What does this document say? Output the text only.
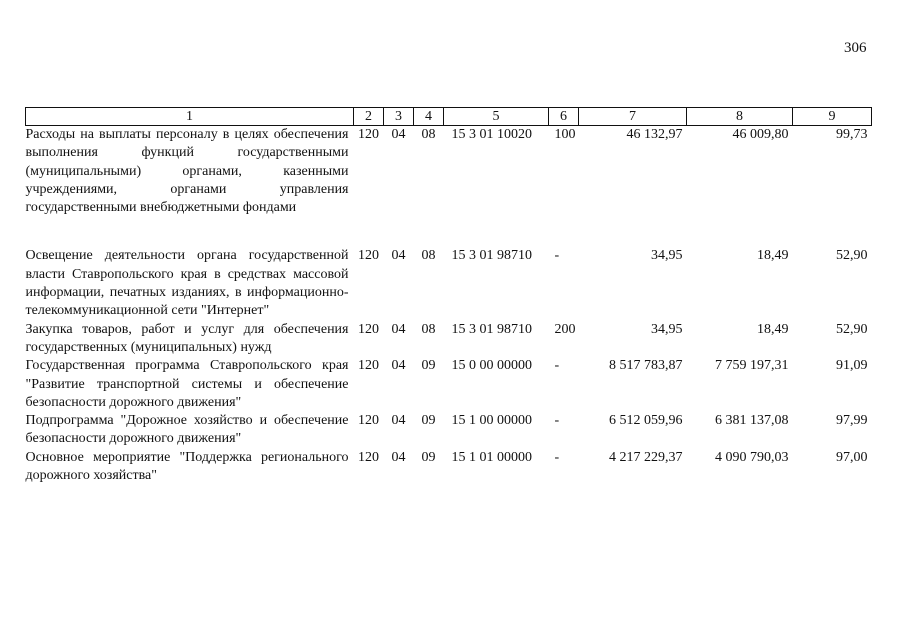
306
1	2	3	4	5	6	7	8	9
Расходы на выплаты персоналу в целях обеспечения выполнения функций государственными (муниципальными) органами, казенными учреждениями, органами управления государственными внебюджетными фондами	120	04	08	15 3 01 10020	100	46 132,97	46 009,80	99,73
Освещение деятельности органа государственной власти Ставропольского края в средствах массовой информации, печатных изданиях, в информационно-телекоммуникационной сети "Интернет"	120	04	08	15 3 01 98710	-	34,95	18,49	52,90
Закупка товаров, работ и услуг для обеспечения государственных (муниципальных) нужд	120	04	08	15 3 01 98710	200	34,95	18,49	52,90
Государственная программа Ставропольского края "Развитие транспортной системы и обеспечение безопасности дорожного движения"	120	04	09	15 0 00 00000	-	8 517 783,87	7 759 197,31	91,09
Подпрограмма "Дорожное хозяйство и обеспечение безопасности дорожного движения"	120	04	09	15 1 00 00000	-	6 512 059,96	6 381 137,08	97,99
Основное мероприятие "Поддержка регионального дорожного хозяйства"	120	04	09	15 1 01 00000	-	4 217 229,37	4 090 790,03	97,00
